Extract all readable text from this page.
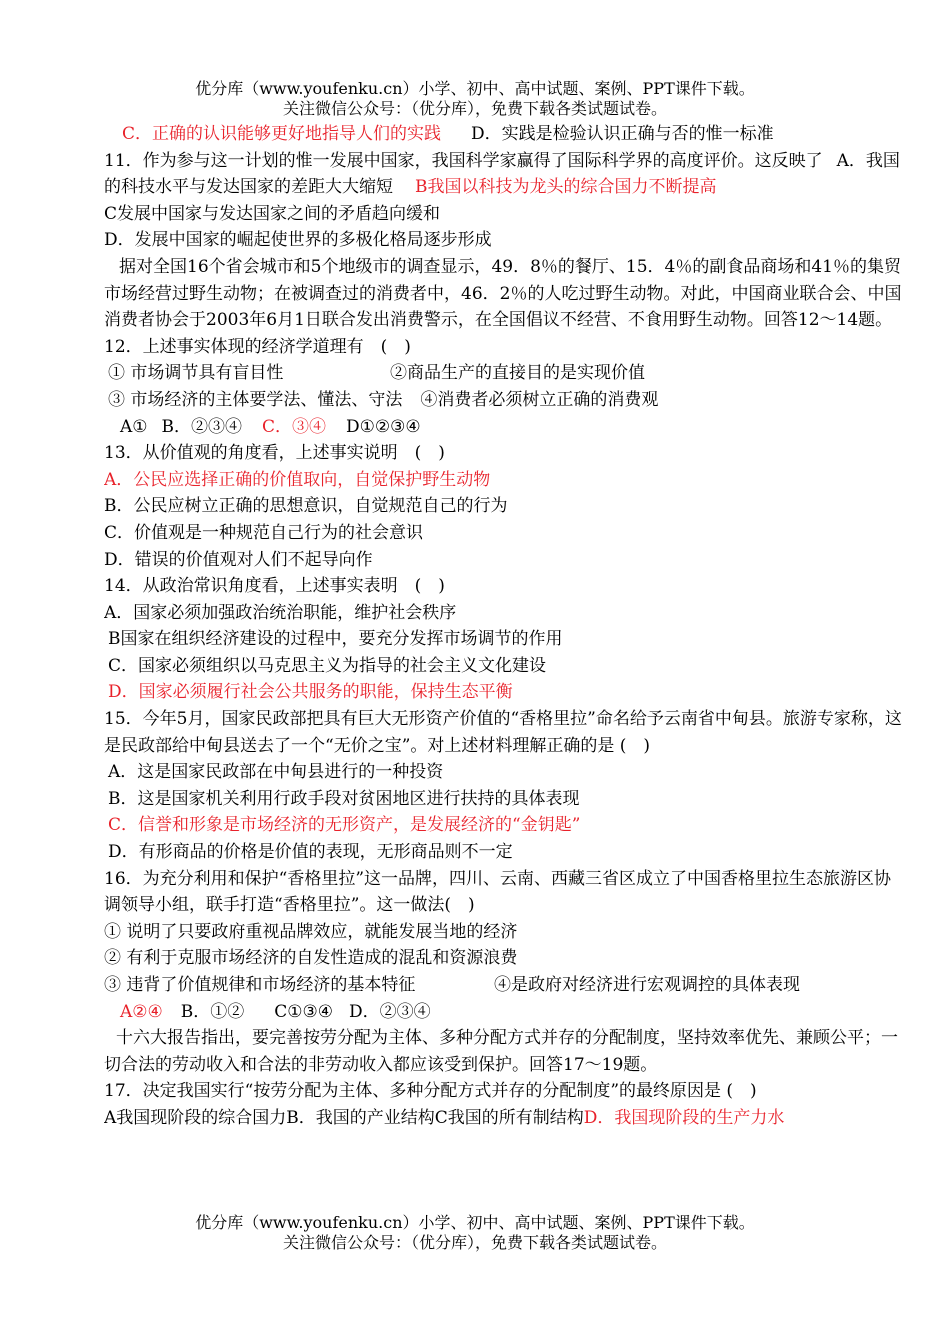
优分库（www.youfenku.cn）小学、初中、高中试题、案例、PPT课件下载。
关注微信公众号：（优分库），免费下载各类试题试卷。
C．正确的认识能够更好地指导人们的实践 D．实践是检验认识正确与否的惟一标准
11．作为参与这一计划的惟一发展中国家，我国科学家赢得了国际科学界的高度评价。这反映了 A．我国的科技水平与发达国家的差距大大缩短 B我国以科技为龙头的综合国力不断提高
C发展中国家与发达国家之间的矛盾趋向缓和
D．发展中国家的崛起使世界的多极化格局逐步形成
据对全国16个省会城市和5个地级市的调查显示，49．8％的餐厅、15．4％的副食品商场和41％的集贸市场经营过野生动物；在被调查过的消费者中，46．2％的人吃过野生动物。对此，中国商业联合会、中国消费者协会于2003年6月1日联合发出消费警示，在全国倡议不经营、不食用野生动物。回答12～14题。
12．上述事实体现的经济学道理有　(　)
① 市场调节具有盲目性	②商品生产的直接目的是实现价值
③ 市场经济的主体要学法、懂法、守法 ④消费者必须树立正确的消费观
A① B．②③④ C．③④ D①②③④
13．从价值观的角度看，上述事实说明　(　)
A．公民应选择正确的价值取向，自觉保护野生动物
B．公民应树立正确的思想意识，自觉规范自己的行为
C．价值观是一种规范自己行为的社会意识
D．错误的价值观对人们不起导向作
14．从政治常识角度看，上述事实表明　(　)
A．国家必须加强政治统治职能，维护社会秩序
B国家在组织经济建设的过程中，要充分发挥市场调节的作用
C．国家必须组织以马克思主义为指导的社会主义文化建设
D．国家必须履行社会公共服务的职能，保持生态平衡
15．今年5月，国家民政部把具有巨大无形资产价值的“香格里拉”命名给予云南省中甸县。旅游专家称，这是民政部给中甸县送去了一个“无价之宝”。对上述材料理解正确的是 (　)
A．这是国家民政部在中甸县进行的一种投资
B．这是国家机关利用行政手段对贫困地区进行扶持的具体表现
C．信誉和形象是市场经济的无形资产，是发展经济的“金钥匙”
D．有形商品的价格是价值的表现，无形商品则不一定
16．为充分利用和保护“香格里拉”这一品牌，四川、云南、西藏三省区成立了中国香格里拉生态旅游区协调领导小组，联手打造“香格里拉”。这一做法(　)
① 说明了只要政府重视品牌效应，就能发展当地的经济
② 有利于克服市场经济的自发性造成的混乱和资源浪费
③ 违背了价值规律和市场经济的基本特征	④是政府对经济进行宏观调控的具体表现
A②④ B．①② C①③④ D．②③④
十六大报告指出，要完善按劳分配为主体、多种分配方式并存的分配制度，坚持效率优先、兼顾公平；一切合法的劳动收入和合法的非劳动收入都应该受到保护。回答17～19题。
17．决定我国实行“按劳分配为主体、多种分配方式并存的分配制度”的最终原因是 (　)
A我国现阶段的综合国力B．我国的产业结构C我国的所有制结构D．我国现阶段的生产力水
优分库（www.youfenku.cn）小学、初中、高中试题、案例、PPT课件下载。
关注微信公众号：（优分库），免费下载各类试题试卷。
